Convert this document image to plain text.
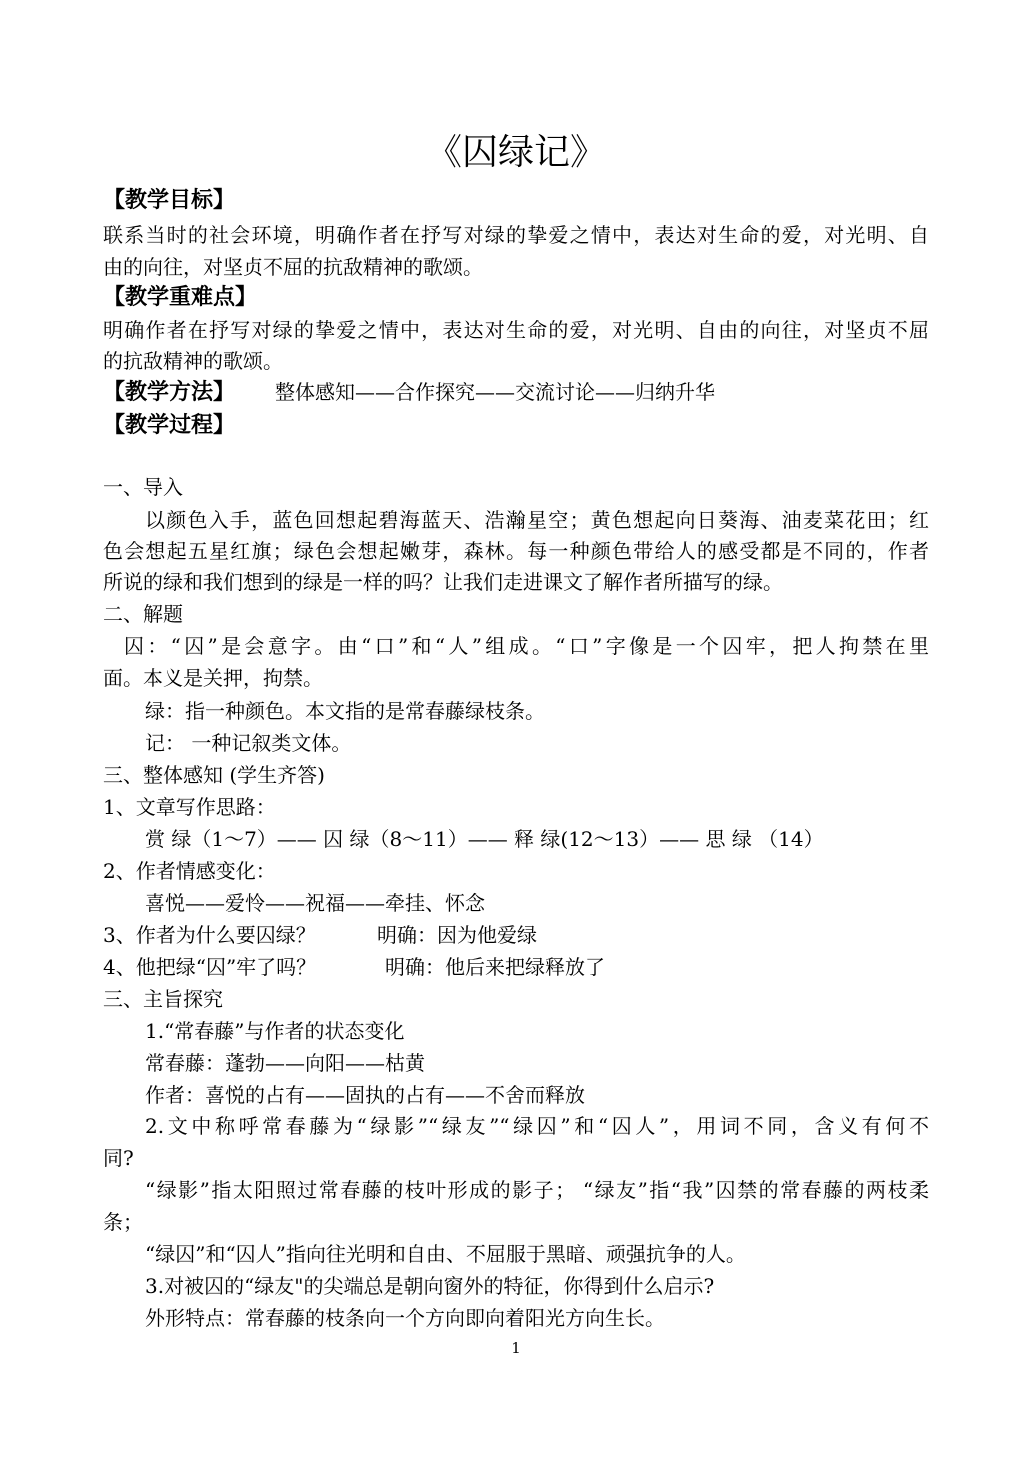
《囚绿记》
【教学目标】
联系当时的社会环境，明确作者在抒写对绿的挚爱之情中，表达对生命的爱，对光明、自
由的向往，对坚贞不屈的抗敌精神的歌颂。
【教学重难点】
明确作者在抒写对绿的挚爱之情中，表达对生命的爱，对光明、自由的向往，对坚贞不屈
的抗敌精神的歌颂。
【教学方法】 整体感知——合作探究——交流讨论——归纳升华
【教学过程】
一、导入
以颜色入手，蓝色回想起碧海蓝天、浩瀚星空；黄色想起向日葵海、油麦菜花田；红
色会想起五星红旗；绿色会想起嫩芽，森林。每一种颜色带给人的感受都是不同的，作者
所说的绿和我们想到的绿是一样的吗？让我们走进课文了解作者所描写的绿。
二、解题
囚：“囚”是会意字。由“口”和“人”组成。“口”字像是一个囚牢，把人拘禁在里
面。本义是关押，拘禁。
绿：指一种颜色。本文指的是常春藤绿枝条。
记： 一种记叙类文体。
三、整体感知 (学生齐答)
1、文章写作思路：
赏 绿（1～7）—— 囚 绿（8～11）—— 释 绿(12～13）—— 思 绿 （14）
2、作者情感变化：
喜悦——爱怜——祝福——牵挂、怀念
3、作者为什么要囚绿？	明确：因为他爱绿
4、他把绿“囚”牢了吗？	明确：他后来把绿释放了
三、主旨探究
1.“常春藤”与作者的状态变化
常春藤：蓬勃——向阳——枯黄
作者：喜悦的占有——固执的占有——不舍而释放
2.文中称呼常春藤为“绿影”“绿友”“绿囚”和“囚人”，用词不同，含义有何不
同?
“绿影”指太阳照过常春藤的枝叶形成的影子； “绿友”指“我”囚禁的常春藤的两枝柔
条；
“绿囚”和“囚人”指向往光明和自由、不屈服于黑暗、顽强抗争的人。
3.对被囚的“绿友"的尖端总是朝向窗外的特征，你得到什么启示?
外形特点：常春藤的枝条向一个方向即向着阳光方向生长。
1
